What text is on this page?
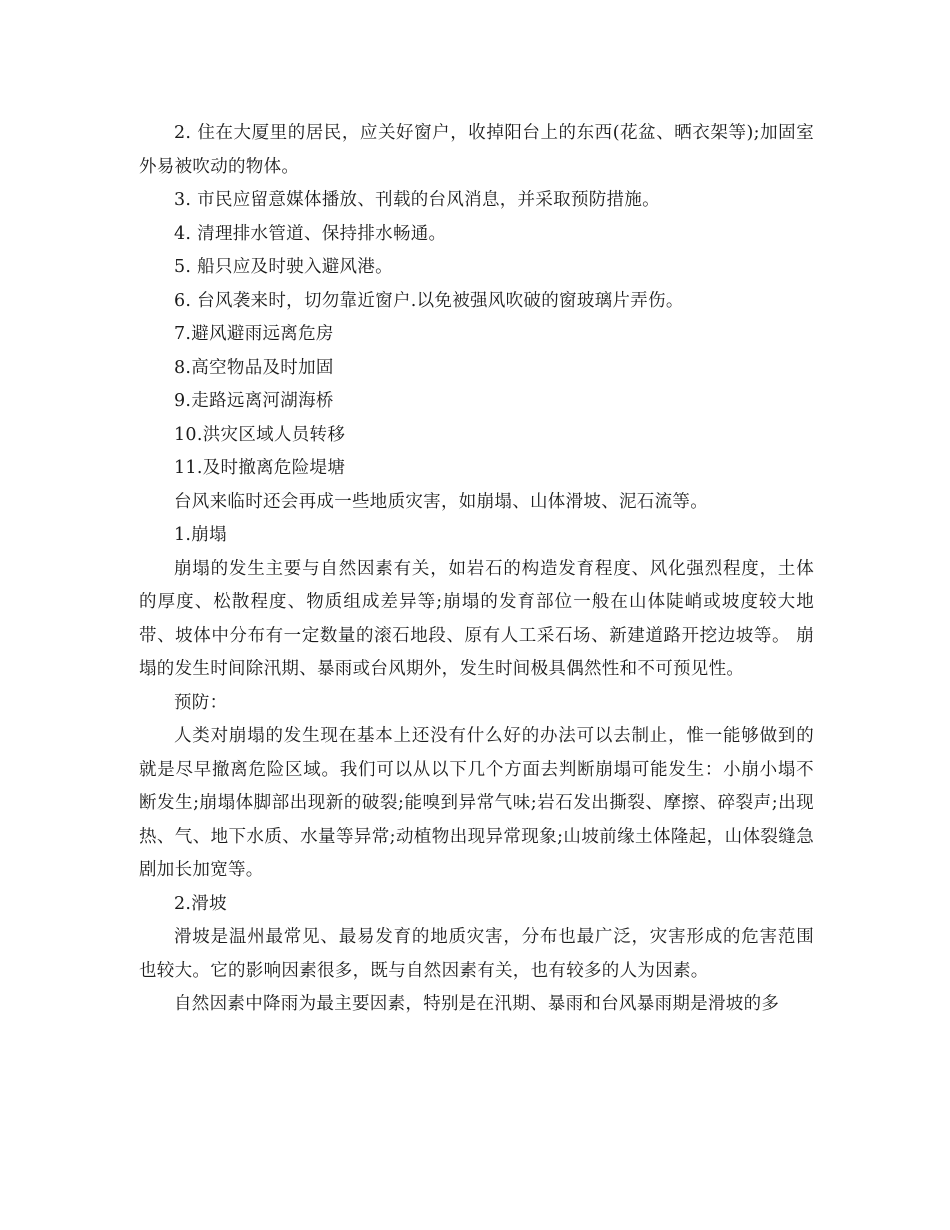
2. 住在大厦里的居民，应关好窗户，收掉阳台上的东西(花盆、晒衣架等);加固室外易被吹动的物体。

3. 市民应留意媒体播放、刊载的台风消息，并采取预防措施。

4. 清理排水管道、保持排水畅通。

5. 船只应及时驶入避风港。

6. 台风袭来时，切勿靠近窗户.以免被强风吹破的窗玻璃片弄伤。

7.避风避雨远离危房

8.高空物品及时加固

9.走路远离河湖海桥

10.洪灾区域人员转移

11.及时撤离危险堤塘

台风来临时还会再成一些地质灾害，如崩塌、山体滑坡、泥石流等。

1.崩塌

崩塌的发生主要与自然因素有关，如岩石的构造发育程度、风化强烈程度，土体的厚度、松散程度、物质组成差异等;崩塌的发育部位一般在山体陡峭或坡度较大地带、坡体中分布有一定数量的滚石地段、原有人工采石场、新建道路开挖边坡等。 崩塌的发生时间除汛期、暴雨或台风期外，发生时间极具偶然性和不可预见性。

预防：

人类对崩塌的发生现在基本上还没有什么好的办法可以去制止，惟一能够做到的就是尽早撤离危险区域。我们可以从以下几个方面去判断崩塌可能发生：小崩小塌不断发生;崩塌体脚部出现新的破裂;能嗅到异常气味;岩石发出撕裂、摩擦、碎裂声;出现热、气、地下水质、水量等异常;动植物出现异常现象;山坡前缘土体隆起，山体裂缝急剧加长加宽等。

2.滑坡

滑坡是温州最常见、最易发育的地质灾害，分布也最广泛，灾害形成的危害范围也较大。它的影响因素很多，既与自然因素有关，也有较多的人为因素。

自然因素中降雨为最主要因素，特别是在汛期、暴雨和台风暴雨期是滑坡的多
